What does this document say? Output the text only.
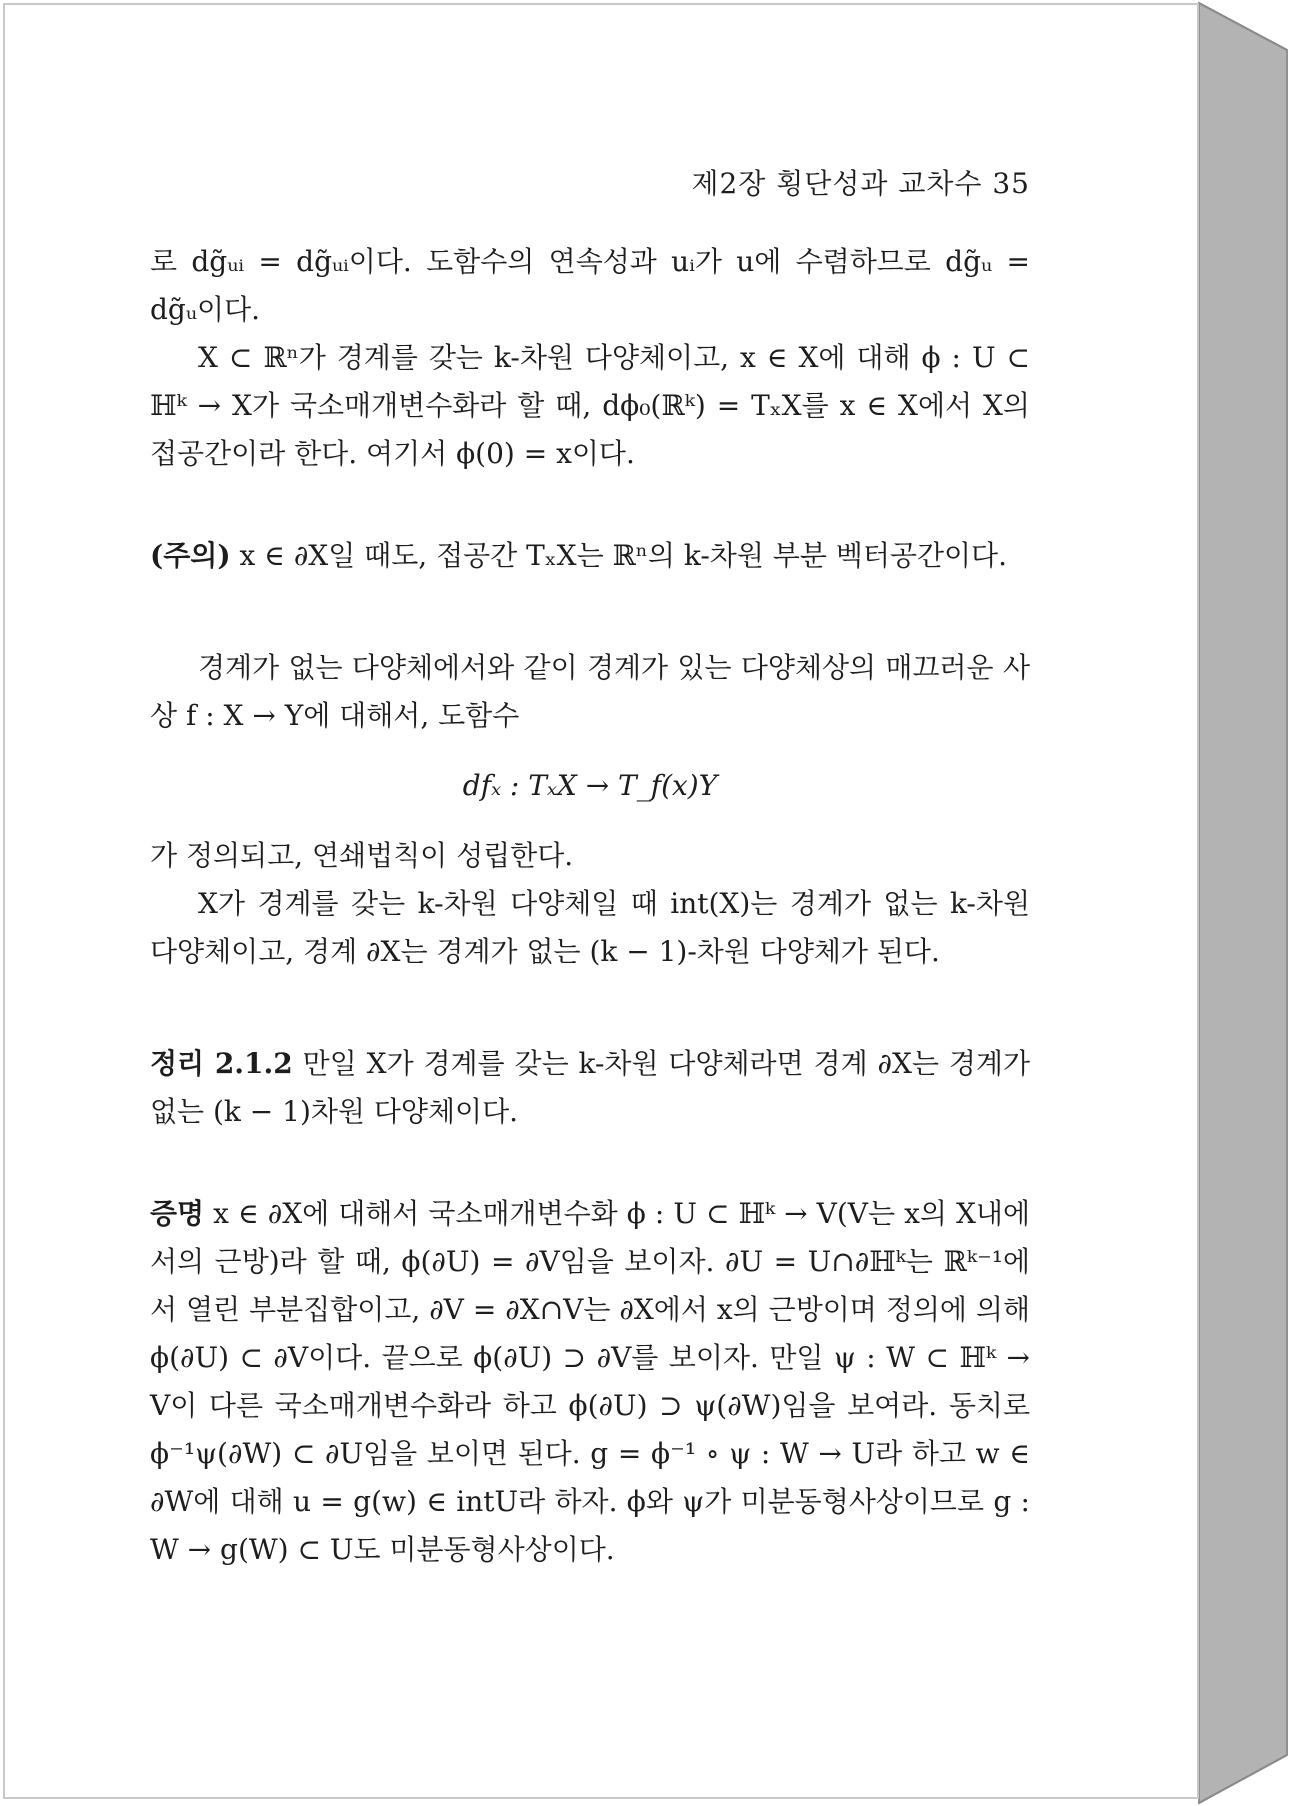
제2장 횡단성과 교차수 35

로 dg̃ᵤᵢ = dg̃ᵤᵢ이다. 도함수의 연속성과 uᵢ가 u에 수렴하므로 dg̃ᵤ = dg̃ᵤ이다.

X ⊂ ℝⁿ가 경계를 갖는 k-차원 다양체이고, x ∈ X에 대해 ϕ : U ⊂ ℍᵏ → X가 국소매개변수화라 할 때, dϕ₀(ℝᵏ) = TₓX를 x ∈ X에서 X의 접공간이라 한다. 여기서 ϕ(0) = x이다.

(주의) x ∈ ∂X일 때도, 접공간 TₓX는 ℝⁿ의 k-차원 부분 벡터공간이다.

경계가 없는 다양체에서와 같이 경계가 있는 다양체상의 매끄러운 사상 f : X → Y에 대해서, 도함수

dfₓ : TₓX → T_f(x)Y

가 정의되고, 연쇄법칙이 성립한다.

X가 경계를 갖는 k-차원 다양체일 때 int(X)는 경계가 없는 k-차원 다양체이고, 경계 ∂X는 경계가 없는 (k − 1)-차원 다양체가 된다.

정리 2.1.2 만일 X가 경계를 갖는 k-차원 다양체라면 경계 ∂X는 경계가 없는 (k − 1)차원 다양체이다.

증명 x ∈ ∂X에 대해서 국소매개변수화 ϕ : U ⊂ ℍᵏ → V(V는 x의 X내에서의 근방)라 할 때, ϕ(∂U) = ∂V임을 보이자. ∂U = U∩∂ℍᵏ는 ℝᵏ⁻¹에서 열린 부분집합이고, ∂V = ∂X∩V는 ∂X에서 x의 근방이며 정의에 의해 ϕ(∂U) ⊂ ∂V이다. 끝으로 ϕ(∂U) ⊃ ∂V를 보이자. 만일 ψ : W ⊂ ℍᵏ → V이 다른 국소매개변수화라 하고 ϕ(∂U) ⊃ ψ(∂W)임을 보여라. 동치로 ϕ⁻¹ψ(∂W) ⊂ ∂U임을 보이면 된다. g = ϕ⁻¹ ∘ ψ : W → U라 하고 w ∈ ∂W에 대해 u = g(w) ∈ intU라 하자. ϕ와 ψ가 미분동형사상이므로 g : W → g(W) ⊂ U도 미분동형사상이다.
